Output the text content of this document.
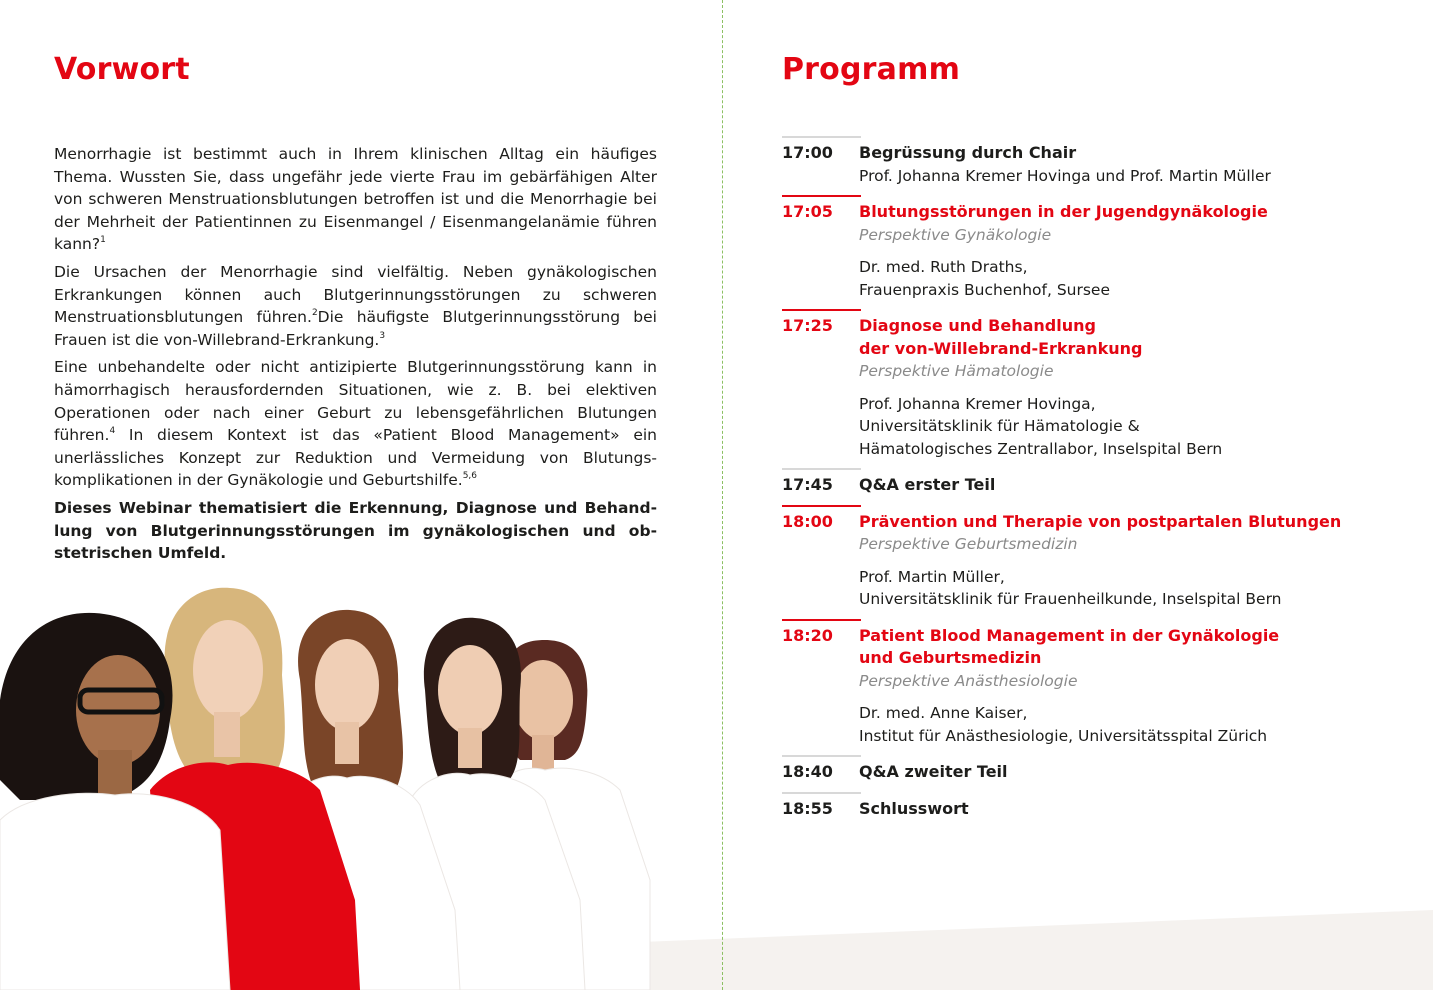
Vorwort

Menorrhagie ist bestimmt auch in Ihrem klinischen Alltag ein häufiges Thema. Wussten Sie, dass ungefähr jede vierte Frau im gebärfähigen Alter von schweren Menstruationsblutungen betroffen ist und die Menorrhagie bei der Mehrheit der Patientinnen zu Eisenmangel / Eisenmangelanämie führen kann?$^1$

Die Ursachen der Menorrhagie sind vielfältig. Neben gynäkologischen Erkrankungen können auch Blutgerinnungsstörungen zu schweren Menstruationsblutungen führen.$^2$Die häufigste Blutgerinnungsstörung bei Frauen ist die von-Willebrand-Erkrankung.$^3$

Eine unbehandelte oder nicht antizipierte Blutgerinnungsstörung kann in hämorrhagisch herausfordernden Situationen, wie z. B. bei elektiven Operationen oder nach einer Geburt zu lebensgefährlichen Blutungen führen.$^4$ In diesem Kontext ist das «Patient Blood Management» ein unerlässliches Konzept zur Reduktion und Vermeidung von Blutungskomplikationen in der Gynäkologie und Geburtshilfe.$^{5,6}$

Dieses Webinar thematisiert die Erkennung, Diagnose und Behandlung von Blutgerinnungsstörungen im gynäkologischen und obstetrischen Umfeld.

Programm
17:00	Begrüssung durch Chair
Prof. Johanna Kremer Hovinga und Prof. Martin Müller
17:05	Blutungsstörungen in der Jugendgynäkologie
Perspektive Gynäkologie
Dr. med. Ruth Draths,
Frauenpraxis Buchenhof, Sursee
17:25	Diagnose und Behandlung
der von-Willebrand-Erkrankung
Perspektive Hämatologie
Prof. Johanna Kremer Hovinga,
Universitätsklinik für Hämatologie &
Hämatologisches Zentrallabor, Inselspital Bern
17:45	Q&A erster Teil
18:00	Prävention und Therapie von postpartalen Blutungen
Perspektive Geburtsmedizin
Prof. Martin Müller,
Universitätsklinik für Frauenheilkunde, Inselspital Bern
18:20	Patient Blood Management in der Gynäkologie
und Geburtsmedizin
Perspektive Anästhesiologie
Dr. med. Anne Kaiser,
Institut für Anästhesiologie, Universitätsspital Zürich
18:40	Q&A zweiter Teil
18:55	Schlusswort
